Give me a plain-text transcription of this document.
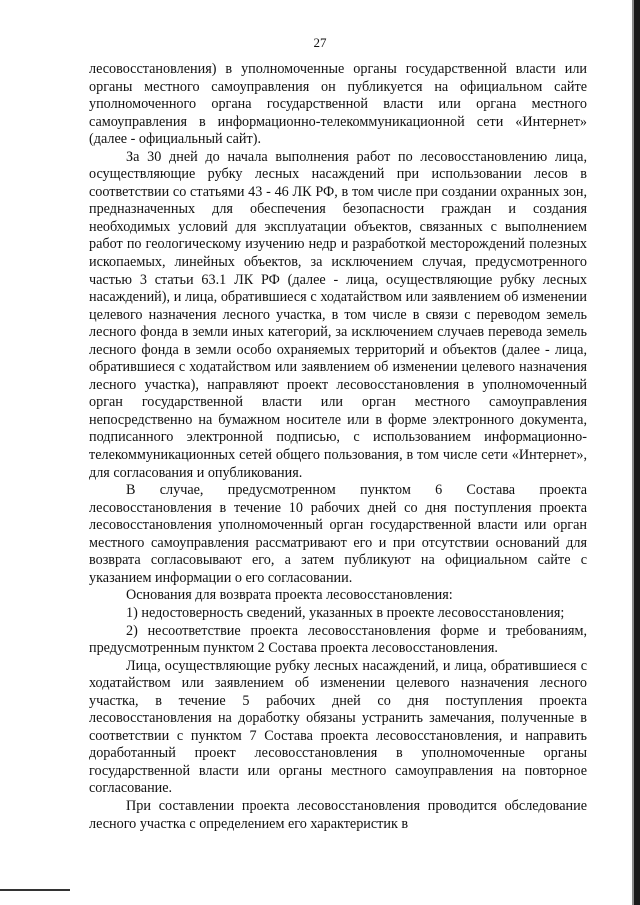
27

лесовосстановления) в уполномоченные органы государственной власти или органы местного самоуправления он публикуется на официальном сайте уполномоченного органа государственной власти или органа местного самоуправления в информационно-телекоммуникационной сети «Интернет» (далее - официальный сайт).

За 30 дней до начала выполнения работ по лесовосстановлению лица, осуществляющие рубку лесных насаждений при использовании лесов в соответствии со статьями 43 - 46 ЛК РФ, в том числе при создании охранных зон, предназначенных для обеспечения безопасности граждан и создания необходимых условий для эксплуатации объектов, связанных с выполнением работ по геологическому изучению недр и разработкой месторождений полезных ископаемых, линейных объектов, за исключением случая, предусмотренного частью 3 статьи 63.1 ЛК РФ (далее - лица, осуществляющие рубку лесных насаждений), и лица, обратившиеся с ходатайством или заявлением об изменении целевого назначения лесного участка, в том числе в связи с переводом земель лесного фонда в земли иных категорий, за исключением случаев перевода земель лесного фонда в земли особо охраняемых территорий и объектов (далее - лица, обратившиеся с ходатайством или заявлением об изменении целевого назначения лесного участка), направляют проект лесовосстановления в уполномоченный орган государственной власти или орган местного самоуправления непосредственно на бумажном носителе или в форме электронного документа, подписанного электронной подписью, с использованием информационно-телекоммуникационных сетей общего пользования, в том числе сети «Интернет», для согласования и опубликования.

В случае, предусмотренном пунктом 6 Состава проекта лесовосстановления в течение 10 рабочих дней со дня поступления проекта лесовосстановления уполномоченный орган государственной власти или орган местного самоуправления рассматривают его и при отсутствии оснований для возврата согласовывают его, а затем публикуют на официальном сайте с указанием информации о его согласовании.

Основания для возврата проекта лесовосстановления:

1) недостоверность сведений, указанных в проекте лесовосстановления;

2) несоответствие проекта лесовосстановления форме и требованиям, предусмотренным пунктом 2 Состава проекта лесовосстановления.

Лица, осуществляющие рубку лесных насаждений, и лица, обратившиеся с ходатайством или заявлением об изменении целевого назначения лесного участка, в течение 5 рабочих дней со дня поступления проекта лесовосстановления на доработку обязаны устранить замечания, полученные в соответствии с пунктом 7 Состава проекта лесовосстановления, и направить доработанный проект лесовосстановления в уполномоченные органы государственной власти или органы местного самоуправления на повторное согласование.

При составлении проекта лесовосстановления проводится обследование лесного участка с определением его характеристик в
